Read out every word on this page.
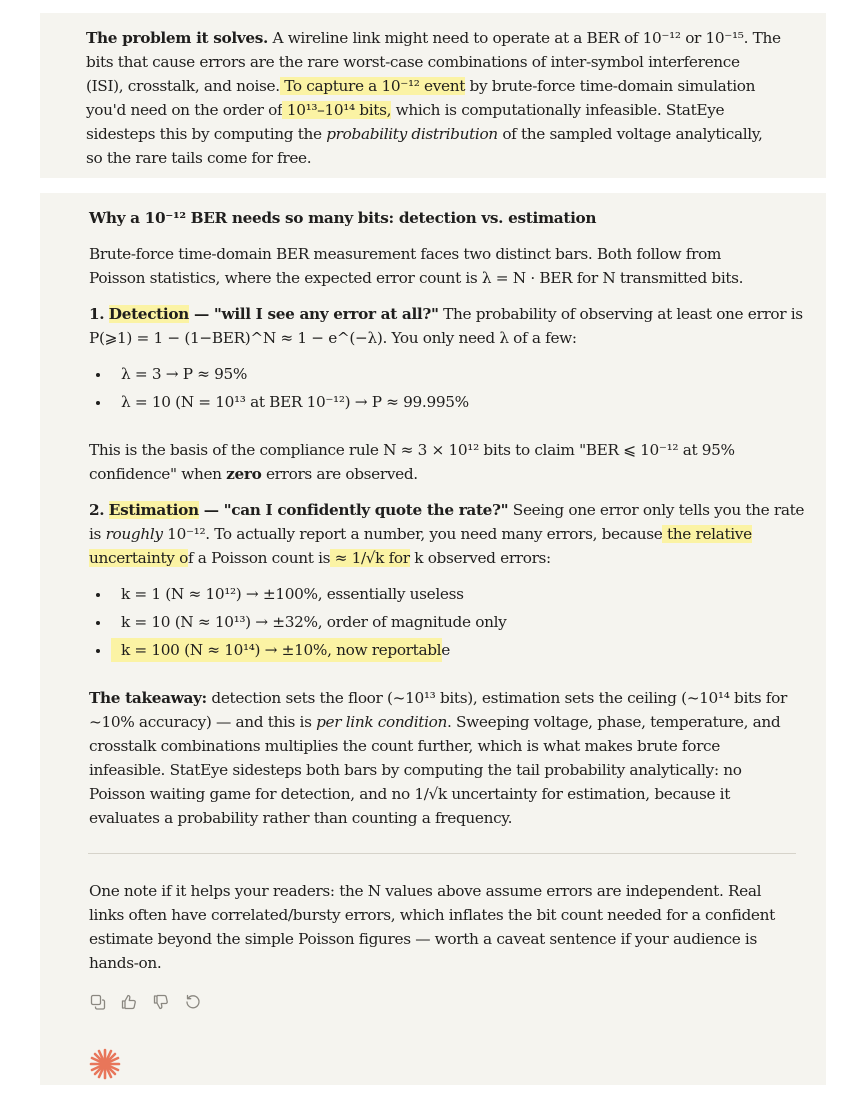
The problem it solves. A wireline link might need to operate at a BER of 10⁻¹² or 10⁻¹⁵. The
bits that cause errors are the rare worst-case combinations of inter-symbol interference
(ISI), crosstalk, and noise. To capture a 10⁻¹² event by brute-force time-domain simulation
you'd need on the order of 10¹³–10¹⁴ bits, which is computationally infeasible. StatEye
sidesteps this by computing the probability distribution of the sampled voltage analytically,
so the rare tails come for free.
Why a 10⁻¹² BER needs so many bits: detection vs. estimation
Brute-force time-domain BER measurement faces two distinct bars. Both follow from
Poisson statistics, where the expected error count is λ = N · BER for N transmitted bits.
1. Detection — "will I see any error at all?" The probability of observing at least one error is
P(⩾1) = 1 − (1−BER)^N ≈ 1 − e^(−λ). You only need λ of a few:
λ = 3 → P ≈ 95%
λ = 10 (N = 10¹³ at BER 10⁻¹²) → P ≈ 99.995%
This is the basis of the compliance rule N ≈ 3 × 10¹² bits to claim "BER ⩽ 10⁻¹² at 95%
confidence" when zero errors are observed.
2. Estimation — "can I confidently quote the rate?" Seeing one error only tells you the rate
is roughly 10⁻¹². To actually report a number, you need many errors, because the relative
uncertainty of a Poisson count is ≈ 1/√k for k observed errors:
k = 1 (N ≈ 10¹²) → ±100%, essentially useless
k = 10 (N ≈ 10¹³) → ±32%, order of magnitude only
k = 100 (N ≈ 10¹⁴) → ±10%, now reportable
The takeaway: detection sets the floor (~10¹³ bits), estimation sets the ceiling (~10¹⁴ bits for
~10% accuracy) — and this is per link condition. Sweeping voltage, phase, temperature, and
crosstalk combinations multiplies the count further, which is what makes brute force
infeasible. StatEye sidesteps both bars by computing the tail probability analytically: no
Poisson waiting game for detection, and no 1/√k uncertainty for estimation, because it
evaluates a probability rather than counting a frequency.
One note if it helps your readers: the N values above assume errors are independent. Real
links often have correlated/bursty errors, which inflates the bit count needed for a confident
estimate beyond the simple Poisson figures — worth a caveat sentence if your audience is
hands-on.
